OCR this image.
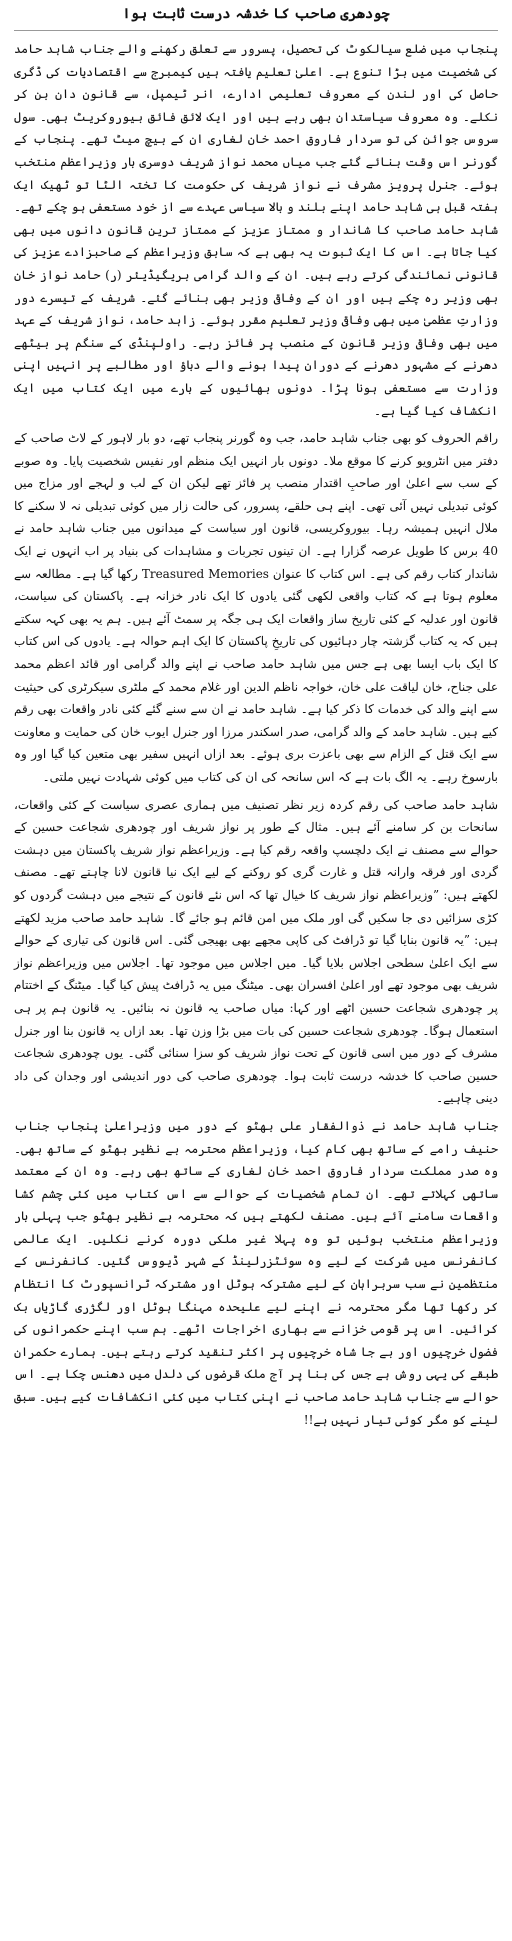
چودھری صاحب کا خدشہ درست ثابت ہوا

پنجاب میں ضلع سیالکوٹ کی تحصیل، پسرور سے تعلق رکھنے والے جناب شاہد حامد کی شخصیت میں بڑا تنوع ہے۔ اعلیٰ تعلیم یافتہ ہیں کیمبرج سے اقتصادیات کی ڈگری حاصل کی اور لندن کے معروف تعلیمی ادارے، انر ٹیمپل، سے قانون دان بن کر نکلے۔ وہ معروف سیاستدان بھی رہے ہیں اور ایک لائق فائق بیوروکریٹ بھی۔ سول سروس جوائن کی تو سردار فاروق احمد خان لغاری ان کے بیچ میٹ تھے۔ پنجاب کے گورنر اس وقت بنائے گئے جب میاں محمد نواز شریف دوسری بار وزیراعظم منتخب ہوئے۔ جنرل پرویز مشرف نے نواز شریف کی حکومت کا تختہ الٹا تو ٹھیک ایک ہفتہ قبل ہی شاہد حامد اپنے بلند و بالا سیاسی عہدے سے از خود مستعفی ہو چکے تھے۔ شاہد حامد صاحب کا شاندار و ممتاز عزیز کے ممتاز ترین قانون دانوں میں بھی کیا جاتا ہے۔ اس کا ایک ثبوت یہ بھی ہے کہ سابق وزیراعظم کے صاحبزادے عزیز کی قانونی نمائندگی کرتے رہے ہیں۔ ان کے والد گرامی بریگیڈیئر (ر) حامد نواز خان بھی وزیر رہ چکے ہیں اور ان کے وفاقی وزیر بھی بنائے گئے۔ شریف کے تیسرے دور وزارتِ عظمیٰ میں بھی وفاقی وزیر تعلیم مقرر ہوئے۔ زاہد حامد، نواز شریف کے عہد میں بھی وفاقی وزیر قانون کے منصب پر فائز رہے۔ راولپنڈی کے سنگم پر بیٹھے دھرنے کے مشہور دھرنے کے دوران پیدا ہونے والے دباؤ اور مطالبے پر انہیں اپنی وزارت سے مستعفی ہونا پڑا۔ دونوں بھائیوں کے بارے میں ایک کتاب میں ایک انکشاف کیا گیا ہے۔

راقم الحروف کو بھی جناب شاہد حامد، جب وہ گورنر پنجاب تھے، دو بار لاہور کے لاٹ صاحب کے دفتر میں انٹرویو کرنے کا موقع ملا۔ دونوں بار انہیں ایک منظم اور نفیس شخصیت پایا۔ وہ صوبے کے سب سے اعلیٰ اور صاحبِ اقتدار منصب پر فائز تھے لیکن ان کے لب و لہجے اور مزاج میں کوئی تبدیلی نہیں آئی تھی۔ اپنے ہی حلقے، پسرور، کی حالت زار میں کوئی تبدیلی نہ لا سکنے کا ملال انہیں ہمیشہ رہا۔ بیوروکریسی، قانون اور سیاست کے میدانوں میں جناب شاہد حامد نے 40 برس کا طویل عرصہ گزارا ہے۔ ان تینوں تجربات و مشاہدات کی بنیاد پر اب انہوں نے ایک شاندار کتاب رقم کی ہے۔ اس کتاب کا عنوان Treasured Memories رکھا گیا ہے۔ مطالعہ سے معلوم ہوتا ہے کہ کتاب واقعی لکھی گئی یادوں کا ایک نادر خزانہ ہے۔ پاکستان کی سیاست، قانون اور عدلیہ کے کئی تاریخ ساز واقعات ایک ہی جگہ پر سمٹ آئے ہیں۔ ہم یہ بھی کہہ سکتے ہیں کہ یہ کتاب گزشتہ چار دہائیوں کی تاریخِ پاکستان کا ایک اہم حوالہ ہے۔ یادوں کی اس کتاب کا ایک باب ایسا بھی ہے جس میں شاہد حامد صاحب نے اپنے والد گرامی اور قائد اعظم محمد علی جناح، خان لیاقت علی خان، خواجہ ناظم الدین اور غلام محمد کے ملٹری سیکرٹری کی حیثیت سے اپنے والد کی خدمات کا ذکر کیا ہے۔ شاہد حامد نے ان سے سنے گئے کئی نادر واقعات بھی رقم کیے ہیں۔ شاہد حامد کے والد گرامی، صدر اسکندر مرزا اور جنرل ایوب خان کی حمایت و معاونت سے ایک قتل کے الزام سے بھی باعزت بری ہوئے۔ بعد ازاں انہیں سفیر بھی متعین کیا گیا اور وہ بارسوخ رہے۔ یہ الگ بات ہے کہ اس سانحہ کی ان کی کتاب میں کوئی شہادت نہیں ملتی۔

شاہد حامد صاحب کی رقم کردہ زیر نظر تصنیف میں ہماری عصری سیاست کے کئی واقعات، سانحات بن کر سامنے آئے ہیں۔ مثال کے طور پر نواز شریف اور چودھری شجاعت حسین کے حوالے سے مصنف نے ایک دلچسپ واقعہ رقم کیا ہے۔ وزیراعظم نواز شریف پاکستان میں دہشت گردی اور فرقہ وارانہ قتل و غارت گری کو روکنے کے لیے ایک نیا قانون لانا چاہتے تھے۔ مصنف لکھتے ہیں: ”وزیراعظم نواز شریف کا خیال تھا کہ اس نئے قانون کے نتیجے میں دہشت گردوں کو کڑی سزائیں دی جا سکیں گی اور ملک میں امن قائم ہو جائے گا۔ شاہد حامد صاحب مزید لکھتے ہیں: ”یہ قانون بنایا گیا تو ڈرافٹ کی کاپی مجھے بھی بھیجی گئی۔ اس قانون کی تیاری کے حوالے سے ایک اعلیٰ سطحی اجلاس بلایا گیا۔ میں اجلاس میں موجود تھا۔ اجلاس میں وزیراعظم نواز شریف بھی موجود تھے اور اعلیٰ افسران بھی۔ میٹنگ میں یہ ڈرافٹ پیش کیا گیا۔ میٹنگ کے اختتام پر چودھری شجاعت حسین اٹھے اور کہا: میاں صاحب یہ قانون نہ بنائیں۔ یہ قانون ہم پر ہی استعمال ہوگا۔ چودھری شجاعت حسین کی بات میں بڑا وزن تھا۔ بعد ازاں یہ قانون بنا اور جنرل مشرف کے دور میں اسی قانون کے تحت نواز شریف کو سزا سنائی گئی۔ یوں چودھری شجاعت حسین صاحب کا خدشہ درست ثابت ہوا۔ چودھری صاحب کی دور اندیشی اور وجدان کی داد دینی چاہیے۔

جناب شاہد حامد نے ذوالفقار علی بھٹو کے دور میں وزیراعلیٰ پنجاب جناب حنیف رامے کے ساتھ بھی کام کیا، وزیراعظم محترمہ بے نظیر بھٹو کے ساتھ بھی۔ وہ صدر مملکت سردار فاروق احمد خان لغاری کے ساتھ بھی رہے۔ وہ ان کے معتمد ساتھی کہلاتے تھے۔ ان تمام شخصیات کے حوالے سے اس کتاب میں کئی چشم کشا واقعات سامنے آئے ہیں۔ مصنف لکھتے ہیں کہ محترمہ بے نظیر بھٹو جب پہلی بار وزیراعظم منتخب ہوئیں تو وہ پہلا غیر ملکی دورہ کرنے نکلیں۔ ایک عالمی کانفرنس میں شرکت کے لیے وہ سوئٹزرلینڈ کے شہر ڈیووس گئیں۔ کانفرنس کے منتظمین نے سب سربراہان کے لیے مشترکہ ہوٹل اور مشترکہ ٹرانسپورٹ کا انتظام کر رکھا تھا مگر محترمہ نے اپنے لیے علیحدہ مہنگا ہوٹل اور لگژری گاڑیاں بک کرائیں۔ اس پر قومی خزانے سے بھاری اخراجات اٹھے۔ ہم سب اپنے حکمرانوں کی فضول خرچیوں اور بے جا شاہ خرچیوں پر اکثر تنقید کرتے رہتے ہیں۔ ہمارے حکمران طبقے کی یہی روش ہے جس کی بنا پر آج ملک قرضوں کی دلدل میں دھنس چکا ہے۔ اس حوالے سے جناب شاہد حامد صاحب نے اپنی کتاب میں کئی انکشافات کیے ہیں۔ سبق لینے کو مگر کوئی تیار نہیں ہے!!
